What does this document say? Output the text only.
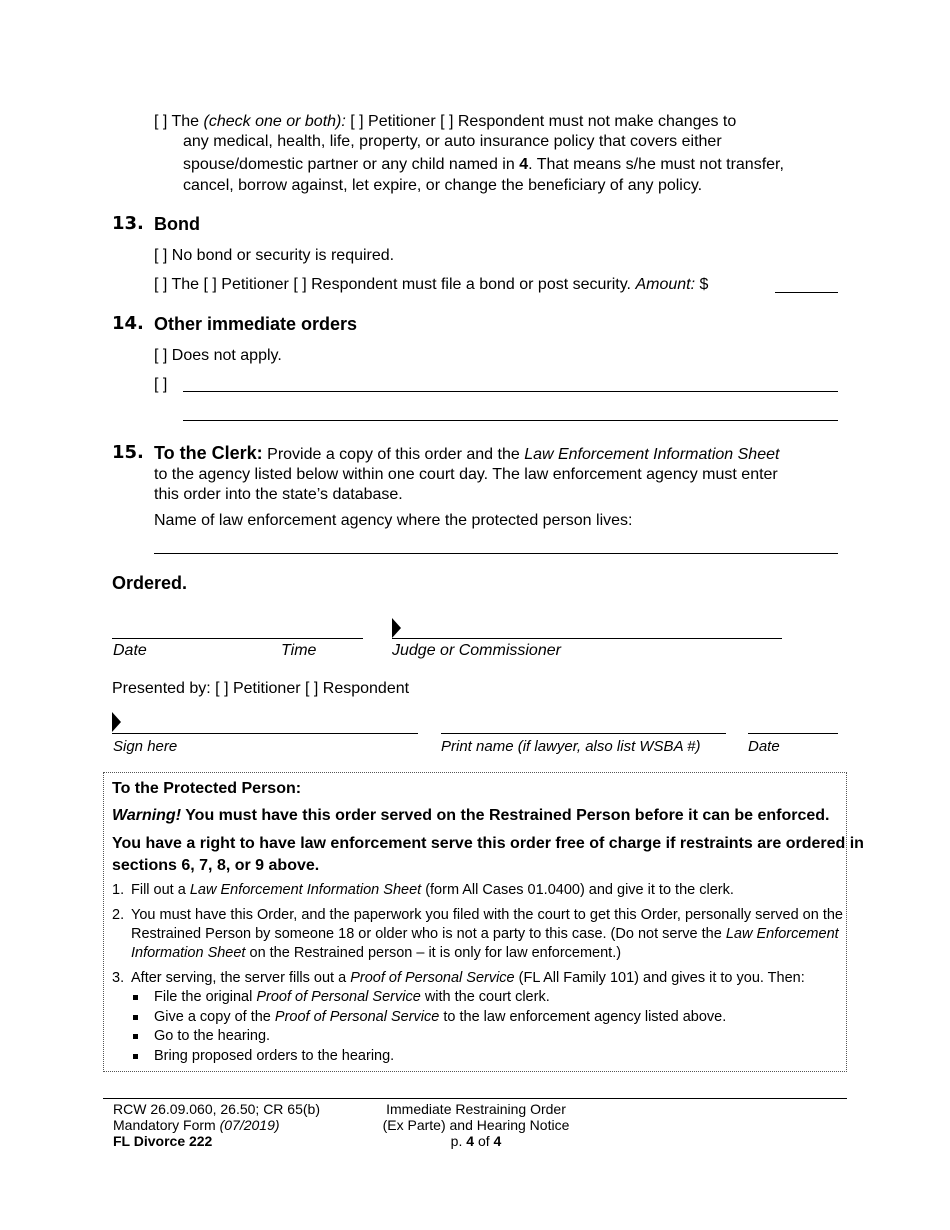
[ ] The (check one or both): [ ] Petitioner [ ] Respondent must not make changes to
any medical, health, life, property, or auto insurance policy that covers either
spouse/domestic partner or any child named in 4. That means s/he must not transfer,
cancel, borrow against, let expire, or change the beneficiary of any policy.
13. Bond
[ ] No bond or security is required.
[ ] The [ ] Petitioner [ ] Respondent must file a bond or post security. Amount: $
14. Other immediate orders
[ ] Does not apply.
[ ]
15. To the Clerk: Provide a copy of this order and the Law Enforcement Information Sheet
to the agency listed below within one court day. The law enforcement agency must enter
this order into the state’s database.
Name of law enforcement agency where the protected person lives:
Ordered.
Date	Time	Judge or Commissioner
Presented by: [ ] Petitioner [ ] Respondent
Sign here	Print name (if lawyer, also list WSBA #)	Date
To the Protected Person:
Warning! You must have this order served on the Restrained Person before it can be enforced.
You have a right to have law enforcement serve this order free of charge if restraints are ordered in
sections 6, 7, 8, or 9 above.
1. Fill out a Law Enforcement Information Sheet (form All Cases 01.0400) and give it to the clerk.
2. You must have this Order, and the paperwork you filed with the court to get this Order, personally served on the
Restrained Person by someone 18 or older who is not a party to this case. (Do not serve the Law Enforcement
Information Sheet on the Restrained person – it is only for law enforcement.)
3. After serving, the server fills out a Proof of Personal Service (FL All Family 101) and gives it to you. Then:
File the original Proof of Personal Service with the court clerk.
Give a copy of the Proof of Personal Service to the law enforcement agency listed above.
Go to the hearing.
Bring proposed orders to the hearing.
RCW 26.09.060, 26.50; CR 65(b)
Mandatory Form (07/2019)
FL Divorce 222
Immediate Restraining Order
(Ex Parte) and Hearing Notice
p. 4 of 4
